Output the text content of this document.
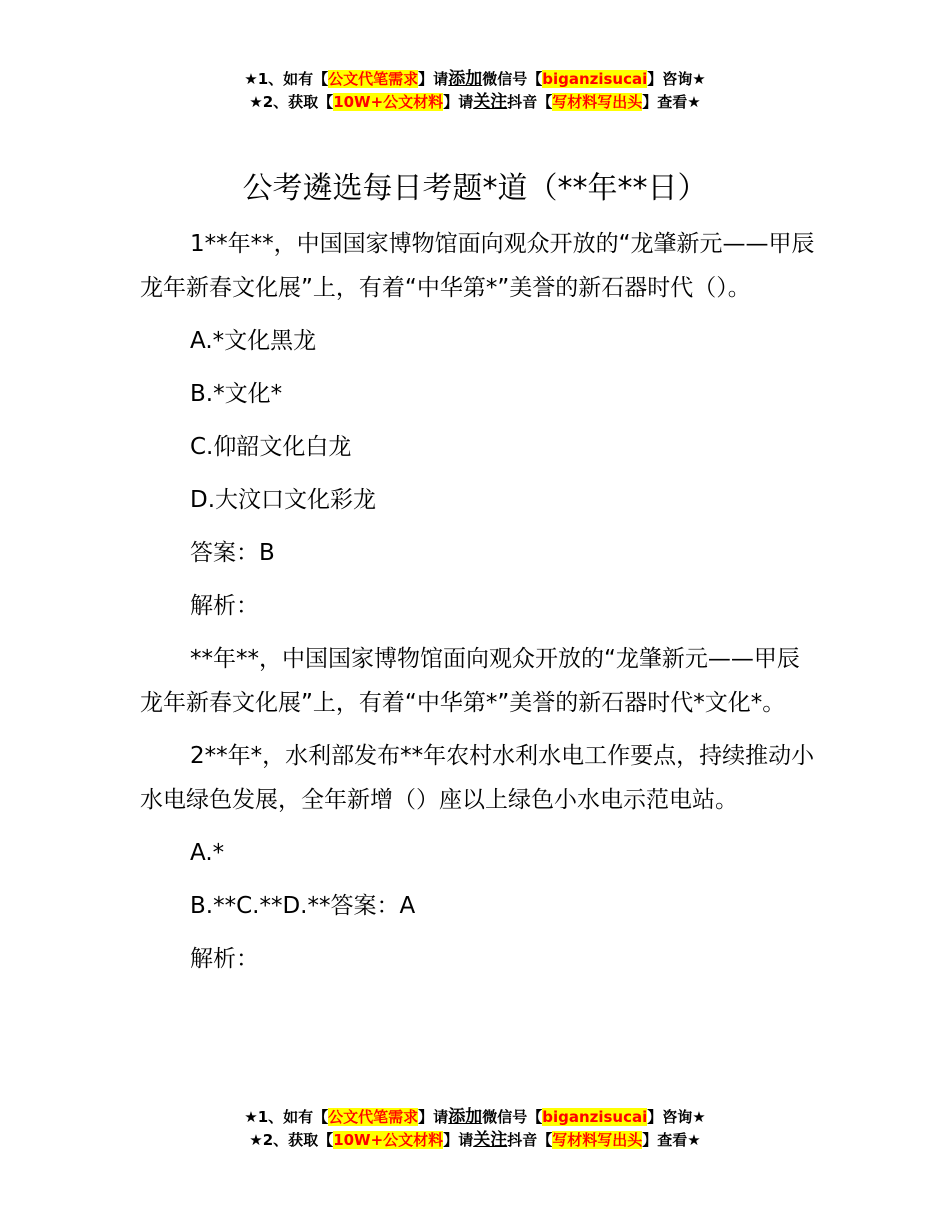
★1、如有【公文代笔需求】请添加微信号【biganzisucai】咨询★
★2、获取【10W+公文材料】请关注抖音【写材料写出头】查看★
公考遴选每日考题*道（**年**日）

1**年**，中国国家博物馆面向观众开放的“龙肇新元——甲辰龙年新春文化展”上，有着“中华第*”美誉的新石器时代（）。

A.*文化黑龙

B.*文化*

C.仰韶文化白龙

D.大汶口文化彩龙

答案：B

解析：

**年**，中国国家博物馆面向观众开放的“龙肇新元——甲辰龙年新春文化展”上，有着“中华第*”美誉的新石器时代*文化*。

2**年*，水利部发布**年农村水利水电工作要点，持续推动小水电绿色发展，全年新增（）座以上绿色小水电示范电站。

A.*

B.**C.**D.**答案：A

解析：

★1、如有【公文代笔需求】请添加微信号【biganzisucai】咨询★
★2、获取【10W+公文材料】请关注抖音【写材料写出头】查看★
